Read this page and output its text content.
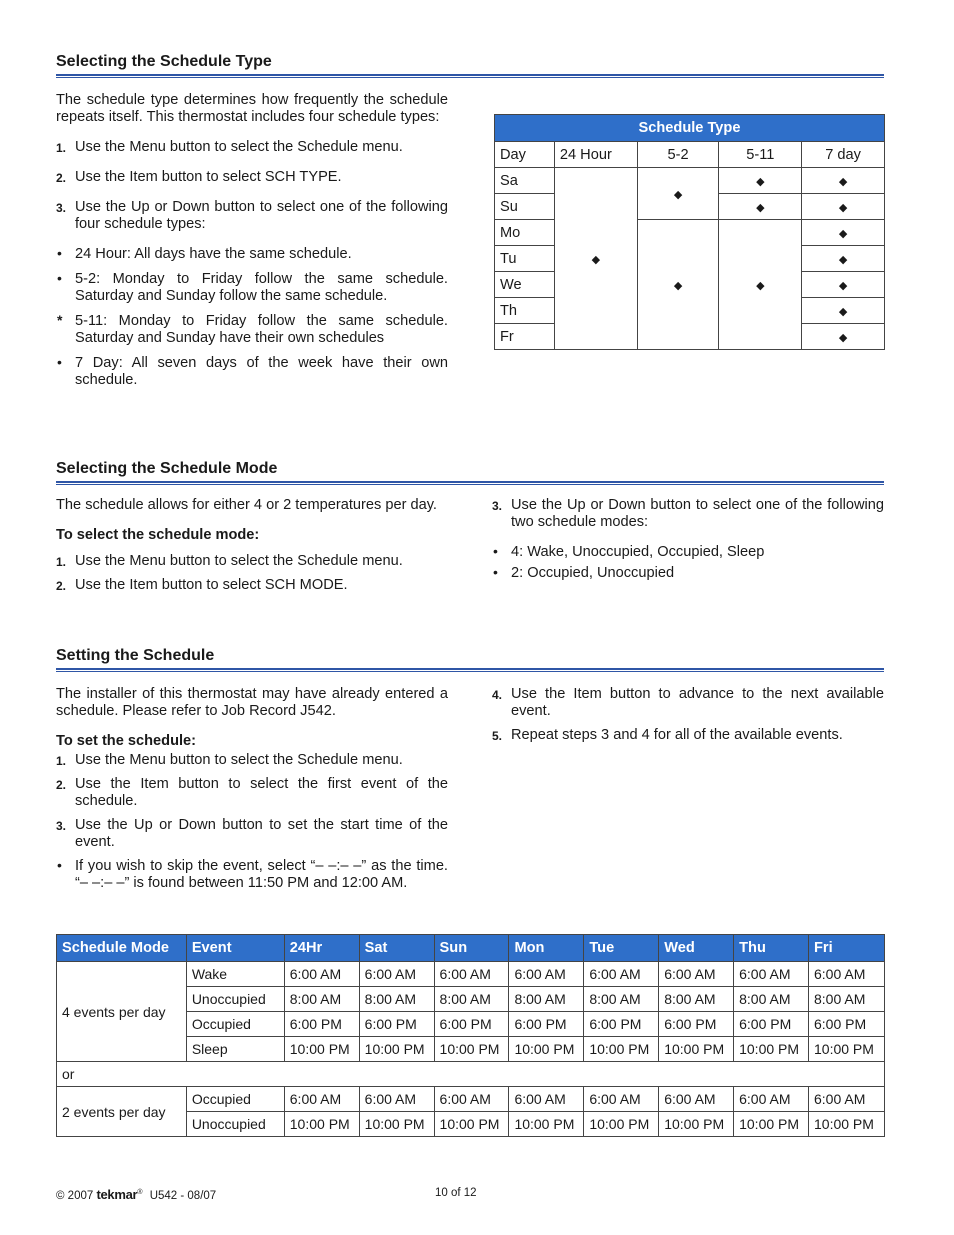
Selecting the Schedule Type
The schedule type determines how frequently the schedule repeats itself. This thermostat includes four schedule types:
1. Use the Menu button to select the Schedule menu.
2. Use the Item button to select SCH TYPE.
3. Use the Up or Down button to select one of the following four schedule types:
• 24 Hour: All days have the same schedule.
• 5-2: Monday to Friday follow the same schedule. Saturday and Sunday follow the same schedule.
* 5-11: Monday to Friday follow the same schedule. Saturday and Sunday have their own schedules
• 7 Day: All seven days of the week have their own schedule.
Schedule Type				
Day	24 Hour	5-2	5-11	7 day
Sa	◆	◆	◆	◆
Su			◆	◆
Mo		◆	◆	◆
Tu				◆
We				◆
Th				◆
Fr				◆
Selecting the Schedule Mode
The schedule allows for either 4 or 2 temperatures per day.
To select the schedule mode:
1. Use the Menu button to select the Schedule menu.
2. Use the Item button to select SCH MODE.
3. Use the Up or Down button to select one of the following two schedule modes:
• 4: Wake, Unoccupied, Occupied, Sleep
• 2: Occupied, Unoccupied
Setting the Schedule
The installer of this thermostat may have already entered a schedule. Please refer to Job Record J542.
To set the schedule:
1. Use the Menu button to select the Schedule menu.
2. Use the Item button to select the first event of the schedule.
3. Use the Up or Down button to set the start time of the event.
• If you wish to skip the event, select “– –:– –” as the time. “– –:– –” is found between 11:50 PM and 12:00 AM.
4. Use the Item button to advance to the next available event.
5. Repeat steps 3 and 4 for all of the available events.
Schedule Mode	Event	24Hr	Sat	Sun	Mon	Tue	Wed	Thu	Fri
4 events per day	Wake	6:00 AM	6:00 AM	6:00 AM	6:00 AM	6:00 AM	6:00 AM	6:00 AM	6:00 AM
	Unoccupied	8:00 AM	8:00 AM	8:00 AM	8:00 AM	8:00 AM	8:00 AM	8:00 AM	8:00 AM
	Occupied	6:00 PM	6:00 PM	6:00 PM	6:00 PM	6:00 PM	6:00 PM	6:00 PM	6:00 PM
	Sleep	10:00 PM	10:00 PM	10:00 PM	10:00 PM	10:00 PM	10:00 PM	10:00 PM	10:00 PM
or									
2 events per day	Occupied	6:00 AM	6:00 AM	6:00 AM	6:00 AM	6:00 AM	6:00 AM	6:00 AM	6:00 AM
	Unoccupied	10:00 PM	10:00 PM	10:00 PM	10:00 PM	10:00 PM	10:00 PM	10:00 PM	10:00 PM
© 2007 tekmar® U542 - 08/07	10 of 12
